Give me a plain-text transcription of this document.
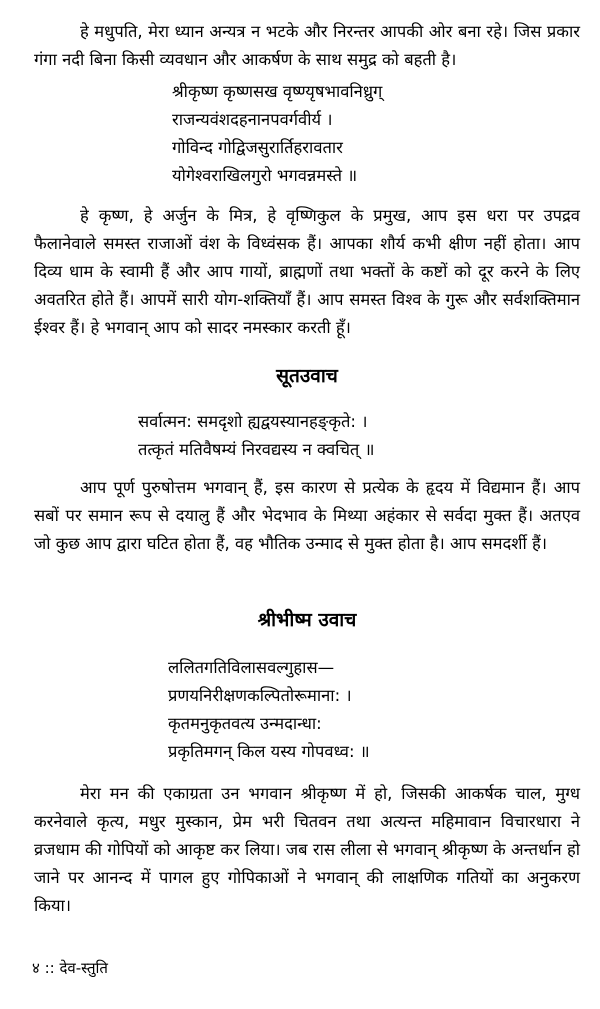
हे मधुपति, मेरा ध्यान अन्यत्र न भटके और निरन्तर आपकी ओर बना रहे। जिस प्रकार गंगा नदी बिना किसी व्यवधान और आकर्षण के साथ समुद्र को बहती है।

श्रीकृष्ण कृष्णसख वृष्ण्यृषभावनिध्रुग्
राजन्यवंशदहनानपवर्गवीर्य ।
गोविन्द गोद्विजसुरार्तिहरावतार
योगेश्वराखिलगुरो भगवन्नमस्ते ॥

हे कृष्ण, हे अर्जुन के मित्र, हे वृष्णिकुल के प्रमुख, आप इस धरा पर उपद्रव फैलानेवाले समस्त राजाओं वंश के विध्वंसक हैं। आपका शौर्य कभी क्षीण नहीं होता। आप दिव्य धाम के स्वामी हैं और आप गायों, ब्राह्मणों तथा भक्तों के कष्टों को दूर करने के लिए अवतरित होते हैं। आपमें सारी योग-शक्तियाँ हैं। आप समस्त विश्व के गुरू और सर्वशक्तिमान ईश्वर हैं। हे भगवान् आप को सादर नमस्कार करती हूँ।

सूतउवाच
सर्वात्मन: समदृशो ह्यद्वयस्यानहङ्कृते: ।
तत्कृतं मतिवैषम्यं निरवद्यस्य न क्वचित् ॥

आप पूर्ण पुरुषोत्तम भगवान् हैं, इस कारण से प्रत्येक के हृदय में विद्यमान हैं। आप सबों पर समान रूप से दयालु हैं और भेदभाव के मिथ्या अहंकार से सर्वदा मुक्त हैं। अतएव जो कुछ आप द्वारा घटित होता हैं, वह भौतिक उन्माद से मुक्त होता है। आप समदर्शी हैं।

श्रीभीष्म उवाच
ललितगतिविलासवल्गुहास—
प्रणयनिरीक्षणकल्पितोरूमाना: ।
कृतमनुकृतवत्य उन्मदान्धा:
प्रकृतिमगन् किल यस्य गोपवध्व: ॥

मेरा मन की एकाग्रता उन भगवान श्रीकृष्ण में हो, जिसकी आकर्षक चाल, मुग्ध करनेवाले कृत्य, मधुर मुस्कान, प्रेम भरी चितवन तथा अत्यन्त महिमावान विचारधारा ने व्रजधाम की गोपियों को आकृष्ट कर लिया। जब रास लीला से भगवान् श्रीकृष्ण के अन्तर्धान हो जाने पर आनन्द में पागल हुए गोपिकाओं ने भगवान् की लाक्षणिक गतियों का अनुकरण किया।

४ :: देव-स्तुति
